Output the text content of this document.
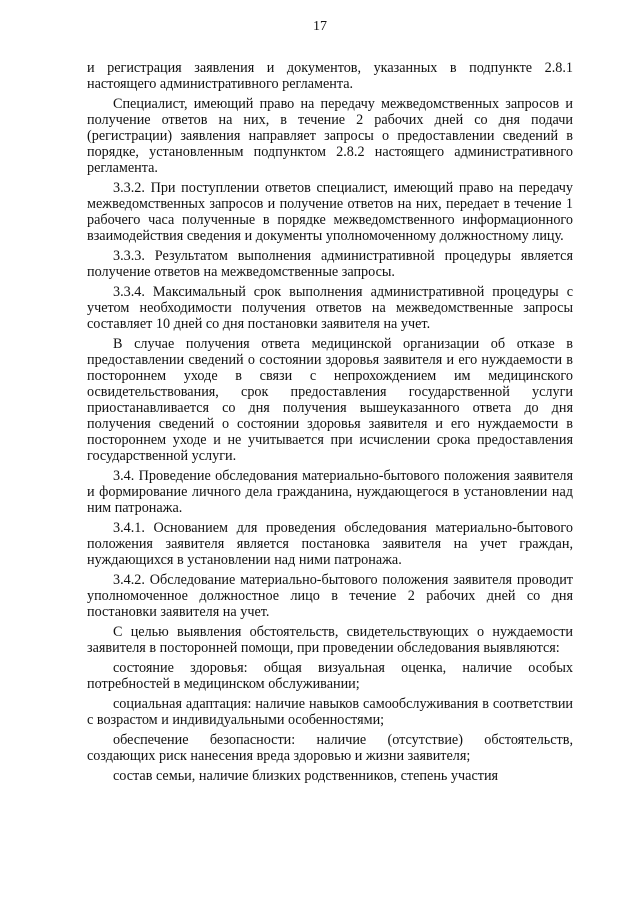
17

и регистрация заявления и документов, указанных в подпункте 2.8.1 настоящего административного регламента.

Специалист, имеющий право на передачу межведомственных запросов и получение ответов на них, в течение 2 рабочих дней со дня подачи (регистрации) заявления направляет запросы о предоставлении сведений в порядке, установленным подпунктом 2.8.2 настоящего административного регламента.

3.3.2. При поступлении ответов специалист, имеющий право на передачу межведомственных запросов и получение ответов на них, передает в течение 1 рабочего часа полученные в порядке межведомственного информационного взаимодействия сведения и документы уполномоченному должностному лицу.

3.3.3. Результатом выполнения административной процедуры является получение ответов на межведомственные запросы.

3.3.4. Максимальный срок выполнения административной процедуры с учетом необходимости получения ответов на межведомственные запросы составляет 10 дней со дня постановки заявителя на учет.

В случае получения ответа медицинской организации об отказе в предоставлении сведений о состоянии здоровья заявителя и его нуждаемости в постороннем уходе в связи с непрохождением им медицинского освидетельствования, срок предоставления государственной услуги приостанавливается со дня получения вышеуказанного ответа до дня получения сведений о состоянии здоровья заявителя и его нуждаемости в постороннем уходе и не учитывается при исчислении срока предоставления государственной услуги.

3.4. Проведение обследования материально-бытового положения заявителя и формирование личного дела гражданина, нуждающегося в установлении над ним патронажа.

3.4.1. Основанием для проведения обследования материально-бытового положения заявителя является постановка заявителя на учет граждан, нуждающихся в установлении над ними патронажа.

3.4.2. Обследование материально-бытового положения заявителя проводит уполномоченное должностное лицо в течение 2 рабочих дней со дня постановки заявителя на учет.

С целью выявления обстоятельств, свидетельствующих о нуждаемости заявителя в посторонней помощи, при проведении обследования выявляются:

состояние здоровья: общая визуальная оценка, наличие особых потребностей в медицинском обслуживании;

социальная адаптация: наличие навыков самообслуживания в соответствии с возрастом и индивидуальными особенностями;

обеспечение безопасности: наличие (отсутствие) обстоятельств, создающих риск нанесения вреда здоровью и жизни заявителя;

состав семьи, наличие близких родственников, степень участия
